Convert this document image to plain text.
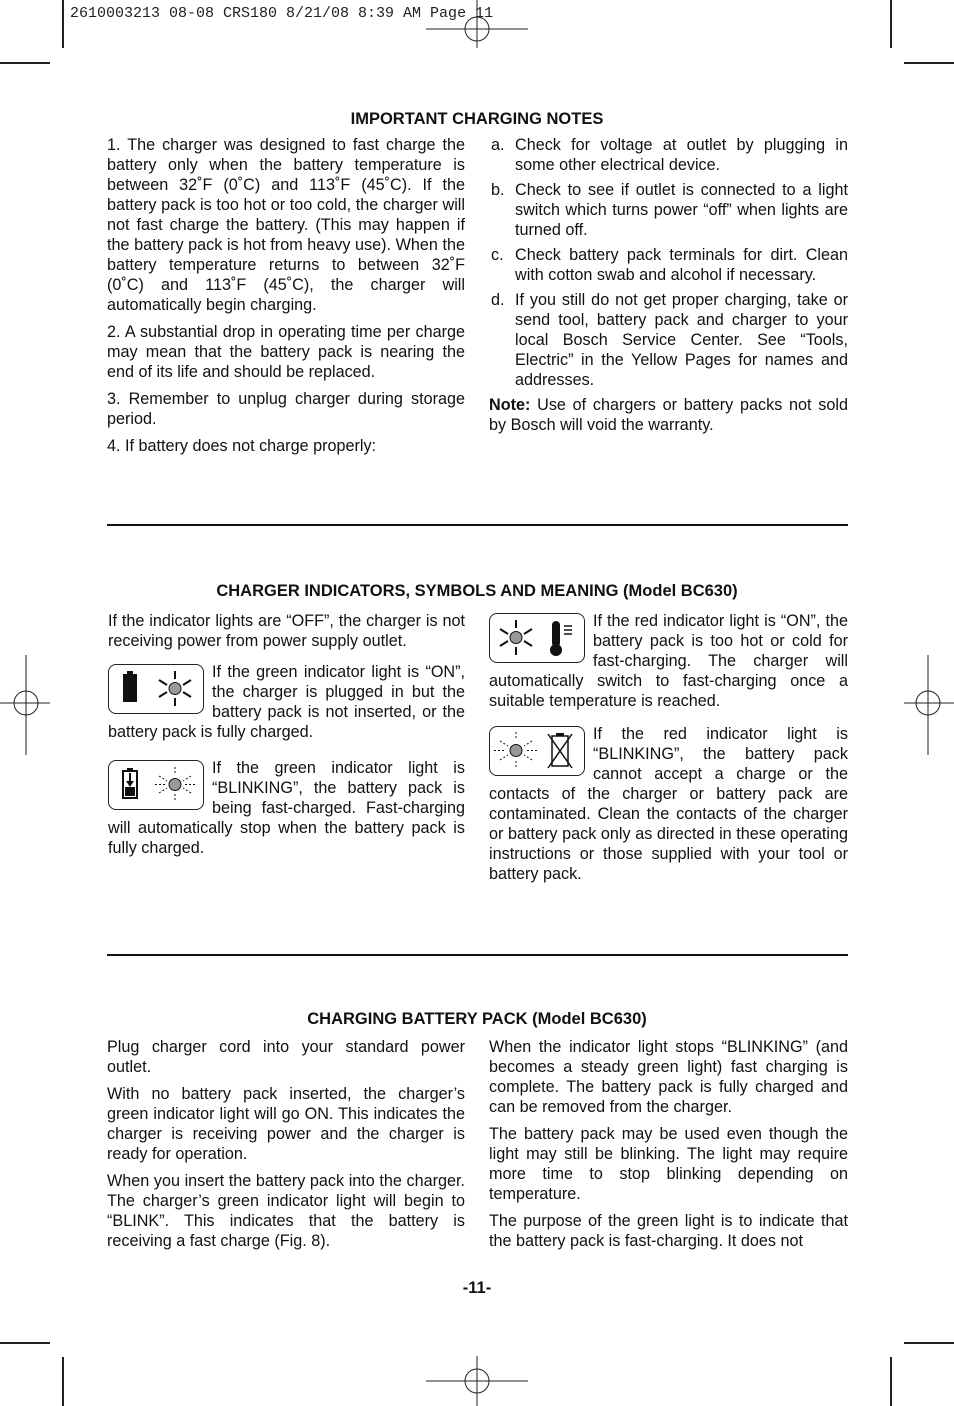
2610003213 08-08 CRS180 8/21/08 8:39 AM Page 11
IMPORTANT CHARGING NOTES

1. The charger was designed to fast charge the battery only when the battery temperature is between 32˚F (0˚C) and 113˚F (45˚C). If the battery pack is too hot or too cold, the charger will not fast charge the battery. (This may happen if the battery pack is hot from heavy use). When the battery temperature returns to between 32˚F (0˚C) and 113˚F (45˚C), the charger will automatically begin charging.

2. A substantial drop in operating time per charge may mean that the battery pack is nearing the end of its life and should be replaced.

3. Remember to unplug charger during storage period.

4. If battery does not charge properly:

a. Check for voltage at outlet by plugging in some other electrical device.
b. Check to see if outlet is connected to a light switch which turns power “off” when lights are turned off.
c. Check battery pack terminals for dirt. Clean with cotton swab and alcohol if necessary.
d. If you still do not get proper charging, take or send tool, battery pack and charger to your local Bosch Service Center. See “Tools, Electric” in the Yellow Pages for names and addresses.

Note: Use of chargers or battery packs not sold by Bosch will void the warranty.

CHARGER INDICATORS, SYMBOLS AND MEANING (Model BC630)

If the indicator lights are “OFF”, the charger is not receiving power from power supply outlet.

If the green indicator light is “ON”, the charger is plugged in but the battery pack is not inserted, or the battery pack is fully charged.

If the green indicator light is “BLINKING”, the battery pack is being fast-charged. Fast-charging will automatically stop when the battery pack is fully charged.

If the red indicator light is “ON”, the battery pack is too hot or cold for fast-charging. The charger will automatically switch to fast-charging once a suitable temperature is reached.

If the red indicator light is “BLINKING”, the battery pack cannot accept a charge or the contacts of the charger or battery pack are contaminated. Clean the contacts of the charger or battery pack only as directed in these operating instructions or those supplied with your tool or battery pack.

CHARGING BATTERY PACK (Model BC630)

Plug charger cord into your standard power outlet.

With no battery pack inserted, the charger’s green indicator light will go ON. This indicates the charger is receiving power and the charger is ready for operation.

When you insert the battery pack into the charger. The charger’s green indicator light will begin to “BLINK”. This indicates that the battery is receiving a fast charge (Fig. 8).

When the indicator light stops “BLINKING” (and becomes a steady green light) fast charging is complete. The battery pack is fully charged and can be removed from the charger.

The battery pack may be used even though the light may still be blinking. The light may require more time to stop blinking depending on temperature.

The purpose of the green light is to indicate that the battery pack is fast-charging. It does not

-11-
